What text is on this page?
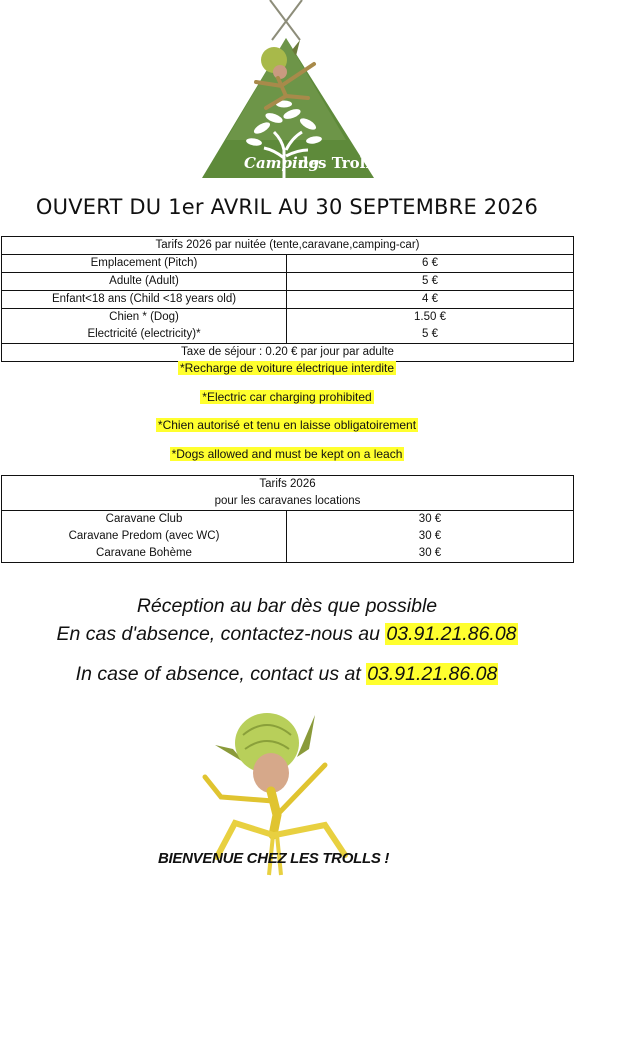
Camping
des Trolls
OUVERT DU 1er AVRIL AU 30 SEPTEMBRE 2026
Tarifs 2026 par nuitée (tente,caravane,camping-car)	
Emplacement (Pitch)	6 €
Adulte (Adult)	5 €
Enfant<18 ans (Child <18 years old)	4 €
Chien * (Dog)	1.50 €
Electricité (electricity)*	5 €
Taxe de séjour : 0.20 € par jour par adulte	
*Recharge de voiture électrique interdite
*Electric car charging prohibited
*Chien autorisé et tenu en laisse obligatoirement
*Dogs allowed and must be kept on a leach
Tarifs 2026
pour les caravanes locations	

Caravane Club	30 €
Caravane Predom (avec WC)	30 €
Caravane Bohème	30 €
Réception au bar dès que possible
En cas d'absence, contactez-nous au 03.91.21.86.08
In case of absence, contact us at 03.91.21.86.08
BIENVENUE CHEZ LES TROLLS !
